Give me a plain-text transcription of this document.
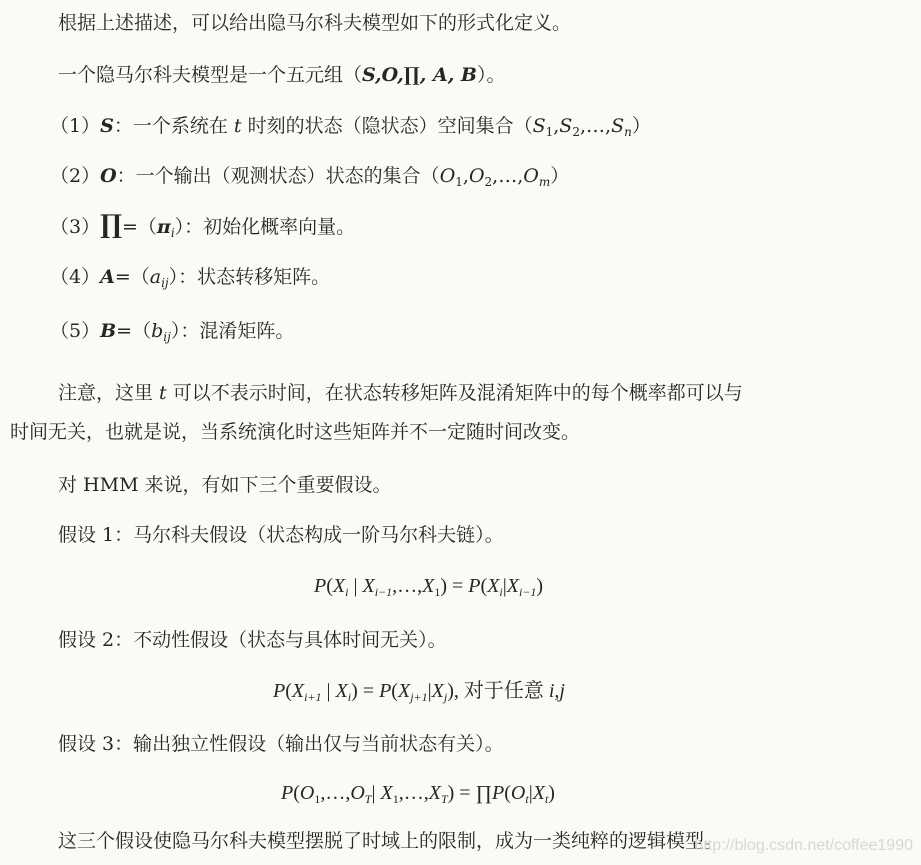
根据上述描述，可以给出隐马尔科夫模型如下的形式化定义。
一个隐马尔科夫模型是一个五元组（S,O,∏, A, B）。
（1）S：一个系统在 t 时刻的状态（隐状态）空间集合$(S_1,S_2,\dots,S_n)$
（2）O：一个输出（观测状态）状态的集合$(O_1,O_2,\dots,O_m)$
$(3)\prod=(\pi_i)$：初始化概率向量。
$(4)A=(a_{ij})$：状态转移矩阵。
$(5)B=(b_{ij})$：混淆矩阵。
注意，这里 t 可以不表示时间，在状态转移矩阵及混淆矩阵中的每个概率都可以与
时间无关，也就是说，当系统演化时这些矩阵并不一定随时间改变。
对 HMM 来说，有如下三个重要假设。
假设 1：马尔科夫假设（状态构成一阶马尔科夫链）。
$P(X_i$ | $X_{i-1},\dots,X_1) = P(X_i|X_{i-1})$
假设 2：不动性假设（状态与具体时间无关）。
$P(X_{i+1}$ | $X_i) = P(X_{j+1}|X_j)$, 对于任意 i,j
假设 3：输出独立性假设（输出仅与当前状态有关）。
$P(O_1,\dots,O_T|$ $X_1,\dots,X_T$) = $\prod P(O_t|X_t)$
这三个假设使隐马尔科夫模型摆脱了时域上的限制，成为一类纯粹的逻辑模型。
http://blog.csdn.net/coffee1990
